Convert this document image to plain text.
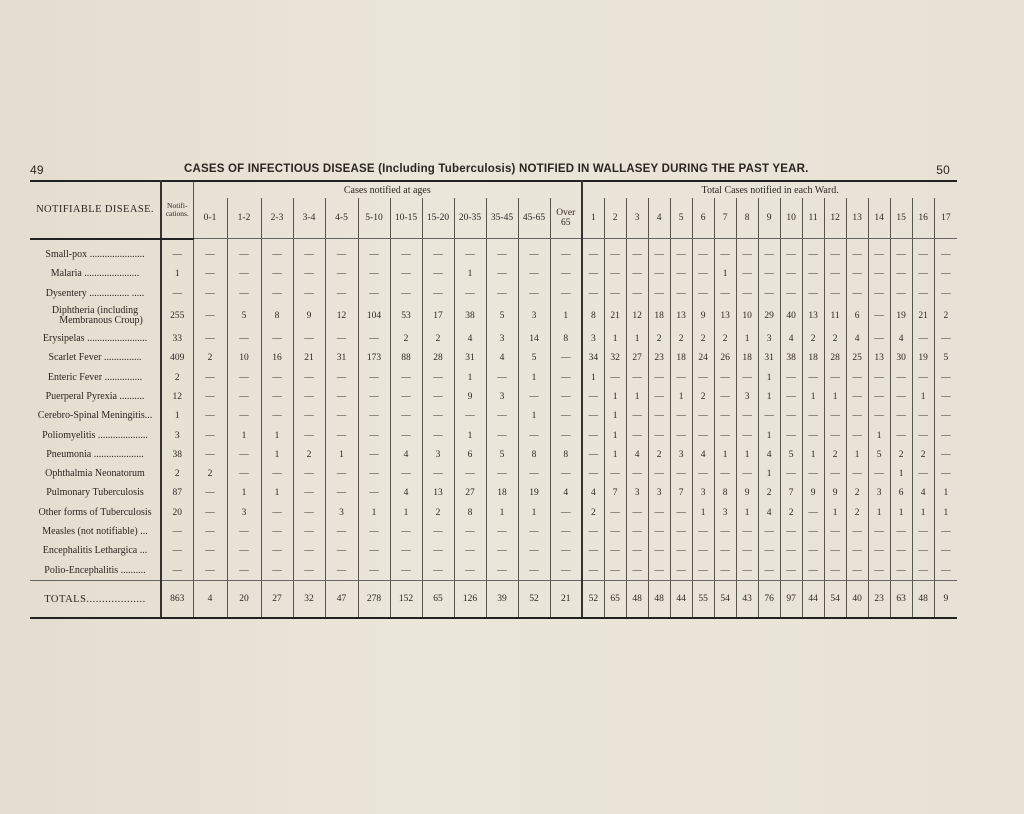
49	CASES OF INFECTIOUS DISEASE (Including Tuberculosis) NOTIFIED IN WALLASEY DURING THE PAST YEAR.	50
NOTIFIABLE DISEASE.	Notifi-cations.	Cases notified at ages												Total Cases notified in each Ward.																
		0-1	1-2	2-3	3-4	4-5	5-10	10-15	15-20	20-35	35-45	45-65	Over 65	1	2	3	4	5	6	7	8	9	10	11	12	13	14	15	16	17

Small-pox ......................	—	—	—	—	—	—	—	—	—	—	—	—	—	—	—	—	—	—	—	—	—	—	—	—	—	—	—	—	—	—

Malaria ......................	1	—	—	—	—	—	—	—	—	1	—	—	—	—	—	—	—	—	—	1	—	—	—	—	—	—	—	—	—	—

Dysentery ................ .....	—	—	—	—	—	—	—	—	—	—	—	—	—	—	—	—	—	—	—	—	—	—	—	—	—	—	—	—	—	—

Diphtheria (including
Membranous Croup)	255	—	5	8	9	12	104	53	17	38	5	3	1	8	21	12	18	13	9	13	10	29	40	13	11	6	—	19	21	2

Erysipelas ........................	33	—	—	—	—	—	—	2	2	4	3	14	8	3	1	1	2	2	2	2	1	3	4	2	2	4	—	4	—	—

Scarlet Fever ...............	409	2	10	16	21	31	173	88	28	31	4	5	—	34	32	27	23	18	24	26	18	31	38	18	28	25	13	30	19	5

Enteric Fever ...............	2	—	—	—	—	—	—	—	—	1	—	1	—	1	—	—	—	—	—	—	—	1	—	—	—	—	—	—	—	—

Puerperal Pyrexia ..........	12	—	—	—	—	—	—	—	—	9	3	—	—	—	1	1	—	1	2	—	3	1	—	1	1	—	—	—	1	—

Cerebro-Spinal Meningitis...	1	—	—	—	—	—	—	—	—	—	—	1	—	—	1	—	—	—	—	—	—	—	—	—	—	—	—	—	—	—

Poliomyelitis ....................	3	—	1	1	—	—	—	—	—	1	—	—	—	—	1	—	—	—	—	—	—	1	—	—	—	—	1	—	—	—

Pneumonia ....................	38	—	—	1	2	1	—	4	3	6	5	8	8	—	1	4	2	3	4	1	1	4	5	1	2	1	5	2	2	—

Ophthalmia Neonatorum	2	2	—	—	—	—	—	—	—	—	—	—	—	—	—	—	—	—	—	—	—	1	—	—	—	—	—	1	—	—

Pulmonary Tuberculosis	87	—	1	1	—	—	—	4	13	27	18	19	4	4	7	3	3	7	3	8	9	2	7	9	9	2	3	6	4	1

Other forms of Tuberculosis	20	—	3	—	—	3	1	1	2	8	1	1	—	2	—	—	—	—	1	3	1	4	2	—	1	2	1	1	1	1

Measles (not notifiable) ...	—	—	—	—	—	—	—	—	—	—	—	—	—	—	—	—	—	—	—	—	—	—	—	—	—	—	—	—	—	—

Encephalitis Lethargica ...	—	—	—	—	—	—	—	—	—	—	—	—	—	—	—	—	—	—	—	—	—	—	—	—	—	—	—	—	—	—

Polio-Encephalitis ..........	—	—	—	—	—	—	—	—	—	—	—	—	—	—	—	—	—	—	—	—	—	—	—	—	—	—	—	—	—	—
TOTALS...................	863	4	20	27	32	47	278	152	65	126	39	52	21	52	65	48	48	44	55	54	43	76	97	44	54	40	23	63	48	9
